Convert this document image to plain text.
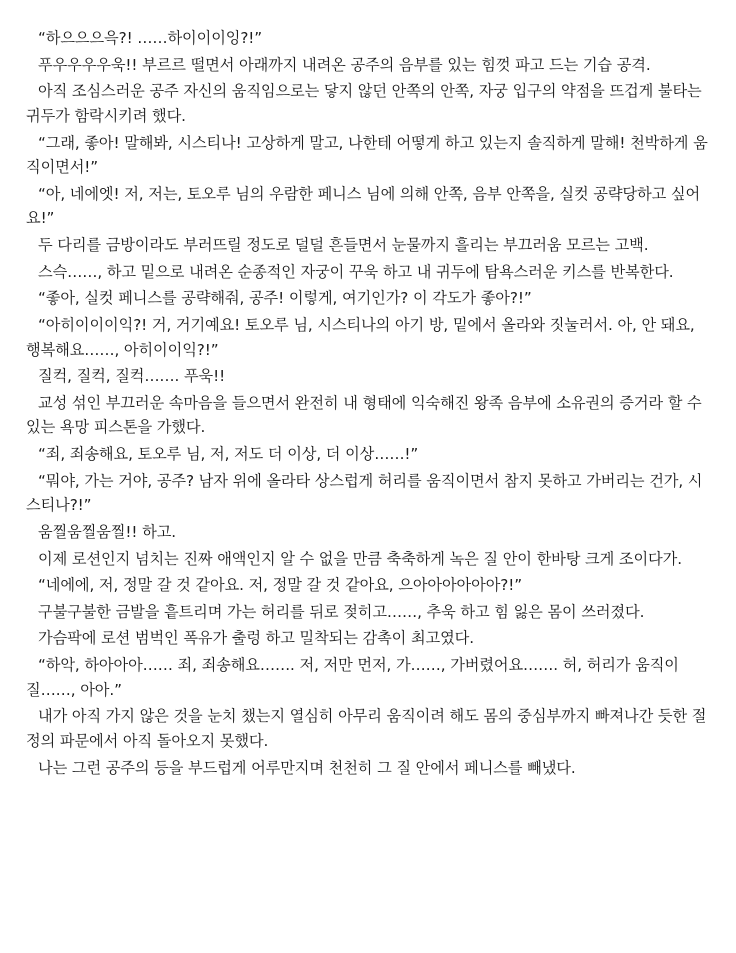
“하으으으윽?! ……하이이이잉?!”

푸우우우우욱!! 부르르 떨면서 아래까지 내려온 공주의 음부를 있는 힘껏 파고 드는 기습 공격.

아직 조심스러운 공주 자신의 움직임으로는 닿지 않던 안쪽의 안쪽, 자궁 입구의 약점을 뜨겁게 불타는 귀두가 함락시키려 했다.

“그래, 좋아! 말해봐, 시스티나! 고상하게 말고, 나한테 어떻게 하고 있는지 솔직하게 말해! 천박하게 움직이면서!”

“아, 네에엣! 저, 저는, 토오루 님의 우람한 페니스 님에 의해 안쪽, 음부 안쪽을, 실컷 공략당하고 싶어요!”

두 다리를 금방이라도 부러뜨릴 정도로 덜덜 흔들면서 눈물까지 흘리는 부끄러움 모르는 고백.

스슥……, 하고 밑으로 내려온 순종적인 자궁이 꾸욱 하고 내 귀두에 탐욕스러운 키스를 반복한다.

“좋아, 실컷 페니스를 공략해줘, 공주! 이렇게, 여기인가? 이 각도가 좋아?!”

“아히이이이익?! 거, 거기예요! 토오루 님, 시스티나의 아기 방, 밑에서 올라와 짓눌러서. 아, 안 돼요, 행복해요……, 아히이이익?!”

질컥, 질컥, 질컥……. 푸욱!!

교성 섞인 부끄러운 속마음을 들으면서 완전히 내 형태에 익숙해진 왕족 음부에 소유권의 증거라 할 수 있는 욕망 피스톤을 가했다.

“죄, 죄송해요, 토오루 님, 저, 저도 더 이상, 더 이상……!”

“뭐야, 가는 거야, 공주? 남자 위에 올라타 상스럽게 허리를 움직이면서 참지 못하고 가버리는 건가, 시스티나?!”

움찔움찔움찔!! 하고.

이제 로션인지 넘치는 진짜 애액인지 알 수 없을 만큼 축축하게 녹은 질 안이 한바탕 크게 조이다가.

“네에에, 저, 정말 갈 것 같아요. 저, 정말 갈 것 같아요, 으아아아아아아?!”

구불구불한 금발을 흩트리며 가는 허리를 뒤로 젖히고……, 추욱 하고 힘 잃은 몸이 쓰러졌다.

가슴팍에 로션 범벅인 폭유가 출렁 하고 밀착되는 감촉이 최고였다.

“하악, 하아아아…… 죄, 죄송해요……. 저, 저만 먼저, 가……, 가버렸어요……. 허, 허리가 움직이질……, 아아.”

내가 아직 가지 않은 것을 눈치 챘는지 열심히 아무리 움직이려 해도 몸의 중심부까지 빠져나간 듯한 절정의 파문에서 아직 돌아오지 못했다.

나는 그런 공주의 등을 부드럽게 어루만지며 천천히 그 질 안에서 페니스를 빼냈다.
